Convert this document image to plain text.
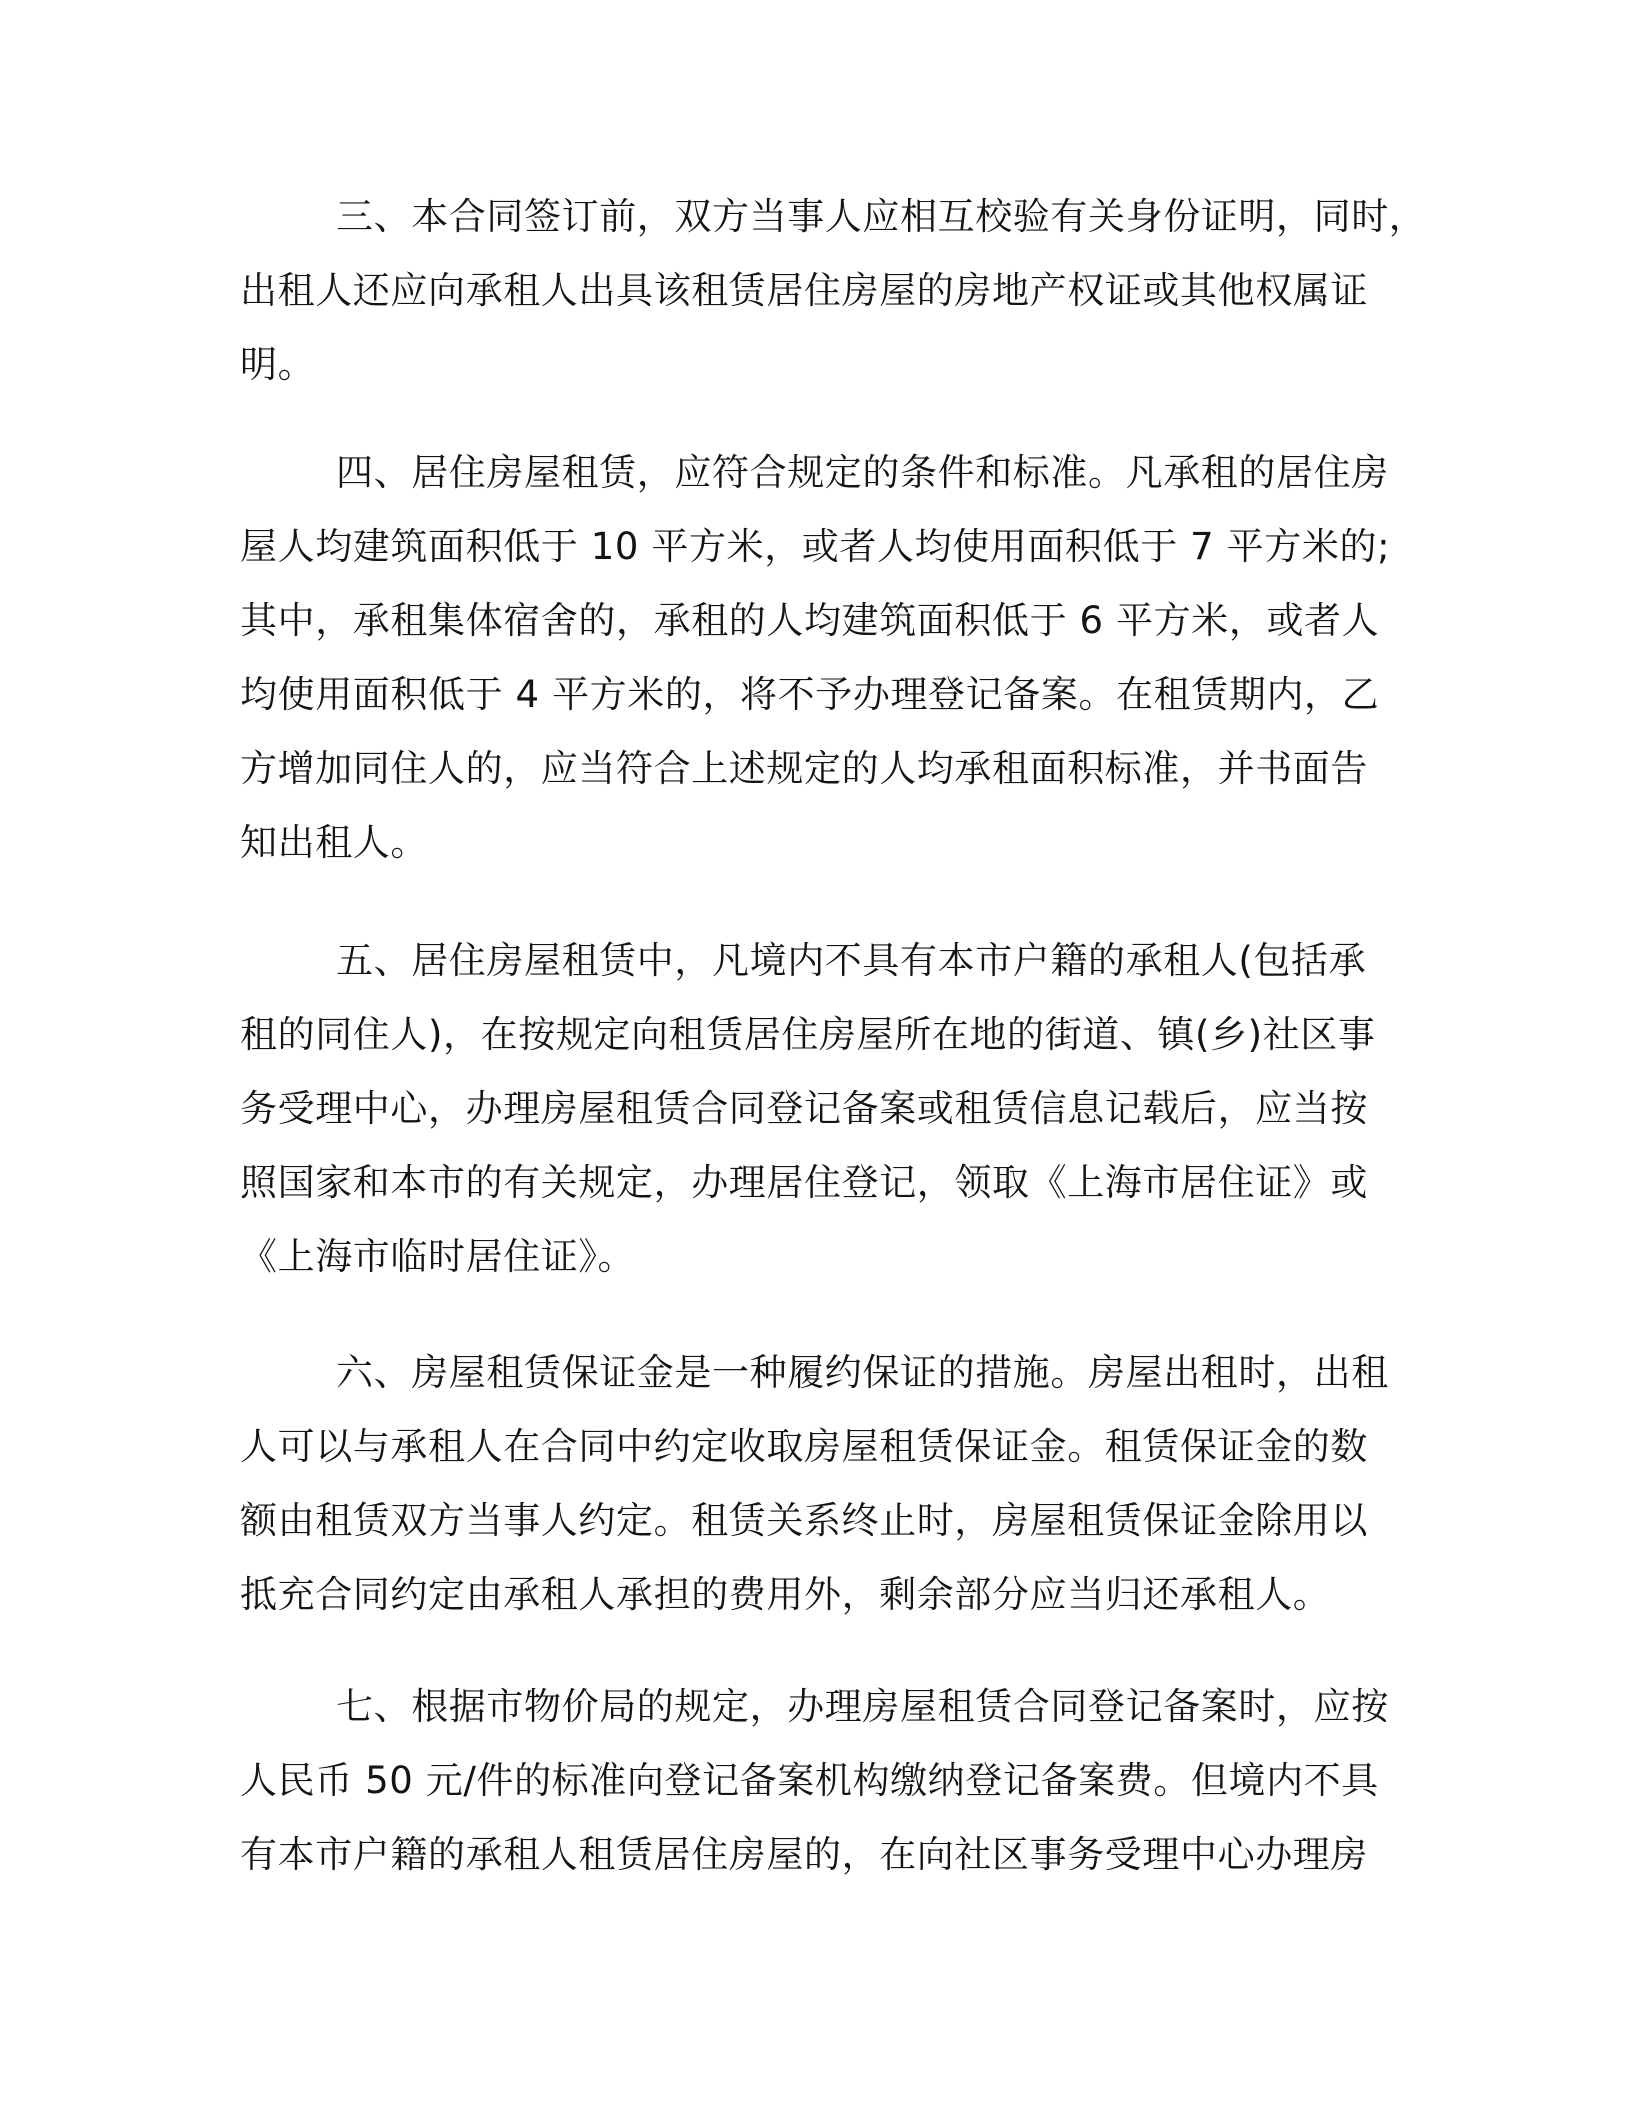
三、本合同签订前，双方当事人应相互校验有关身份证明，同时，
出租人还应向承租人出具该租赁居住房屋的房地产权证或其他权属证
明。
四、居住房屋租赁，应符合规定的条件和标准。凡承租的居住房
屋人均建筑面积低于 10 平方米，或者人均使用面积低于 7 平方米的;
其中，承租集体宿舍的，承租的人均建筑面积低于 6 平方米，或者人
均使用面积低于 4 平方米的，将不予办理登记备案。在租赁期内，乙
方增加同住人的，应当符合上述规定的人均承租面积标准，并书面告
知出租人。
五、居住房屋租赁中，凡境内不具有本市户籍的承租人(包括承
租的同住人)，在按规定向租赁居住房屋所在地的街道、镇(乡)社区事
务受理中心，办理房屋租赁合同登记备案或租赁信息记载后，应当按
照国家和本市的有关规定，办理居住登记，领取《上海市居住证》或
《上海市临时居住证》。
六、房屋租赁保证金是一种履约保证的措施。房屋出租时，出租
人可以与承租人在合同中约定收取房屋租赁保证金。租赁保证金的数
额由租赁双方当事人约定。租赁关系终止时，房屋租赁保证金除用以
抵充合同约定由承租人承担的费用外，剩余部分应当归还承租人。
七、根据市物价局的规定，办理房屋租赁合同登记备案时，应按
人民币 50 元/件的标准向登记备案机构缴纳登记备案费。但境内不具
有本市户籍的承租人租赁居住房屋的，在向社区事务受理中心办理房
